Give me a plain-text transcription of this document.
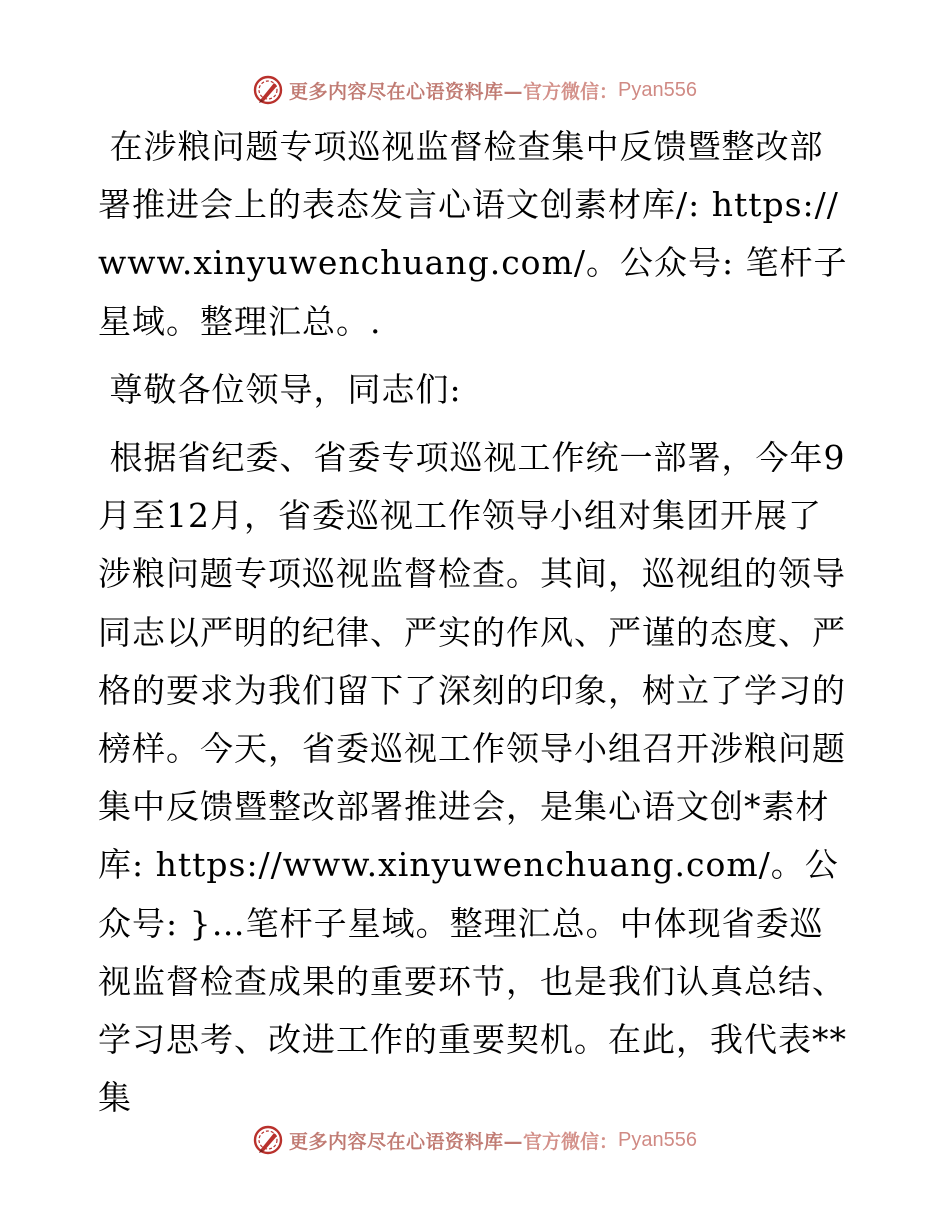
更多内容尽在心语资料库— 官方微信： Pyan556

在涉粮问题专项巡视监督检查集中反馈暨整改部署推进会上的表态发言心语文创素材库/: https://www.xinyuwenchuang.com/。公众号: 笔杆子星域。整理汇总。.

尊敬各位领导，同志们:

根据省纪委、省委专项巡视工作统一部署，今年9月至12月，省委巡视工作领导小组对集团开展了涉粮问题专项巡视监督检查。其间，巡视组的领导同志以严明的纪律、严实的作风、严谨的态度、严格的要求为我们留下了深刻的印象，树立了学习的榜样。今天，省委巡视工作领导小组召开涉粮问题集中反馈暨整改部署推进会，是集心语文创*素材库: https://www.xinyuwenchuang.com/。公众号: }…笔杆子星域。整理汇总。中体现省委巡视监督检查成果的重要环节，也是我们认真总结、学习思考、改进工作的重要契机。在此，我代表**集

更多内容尽在心语资料库— 官方微信： Pyan556
